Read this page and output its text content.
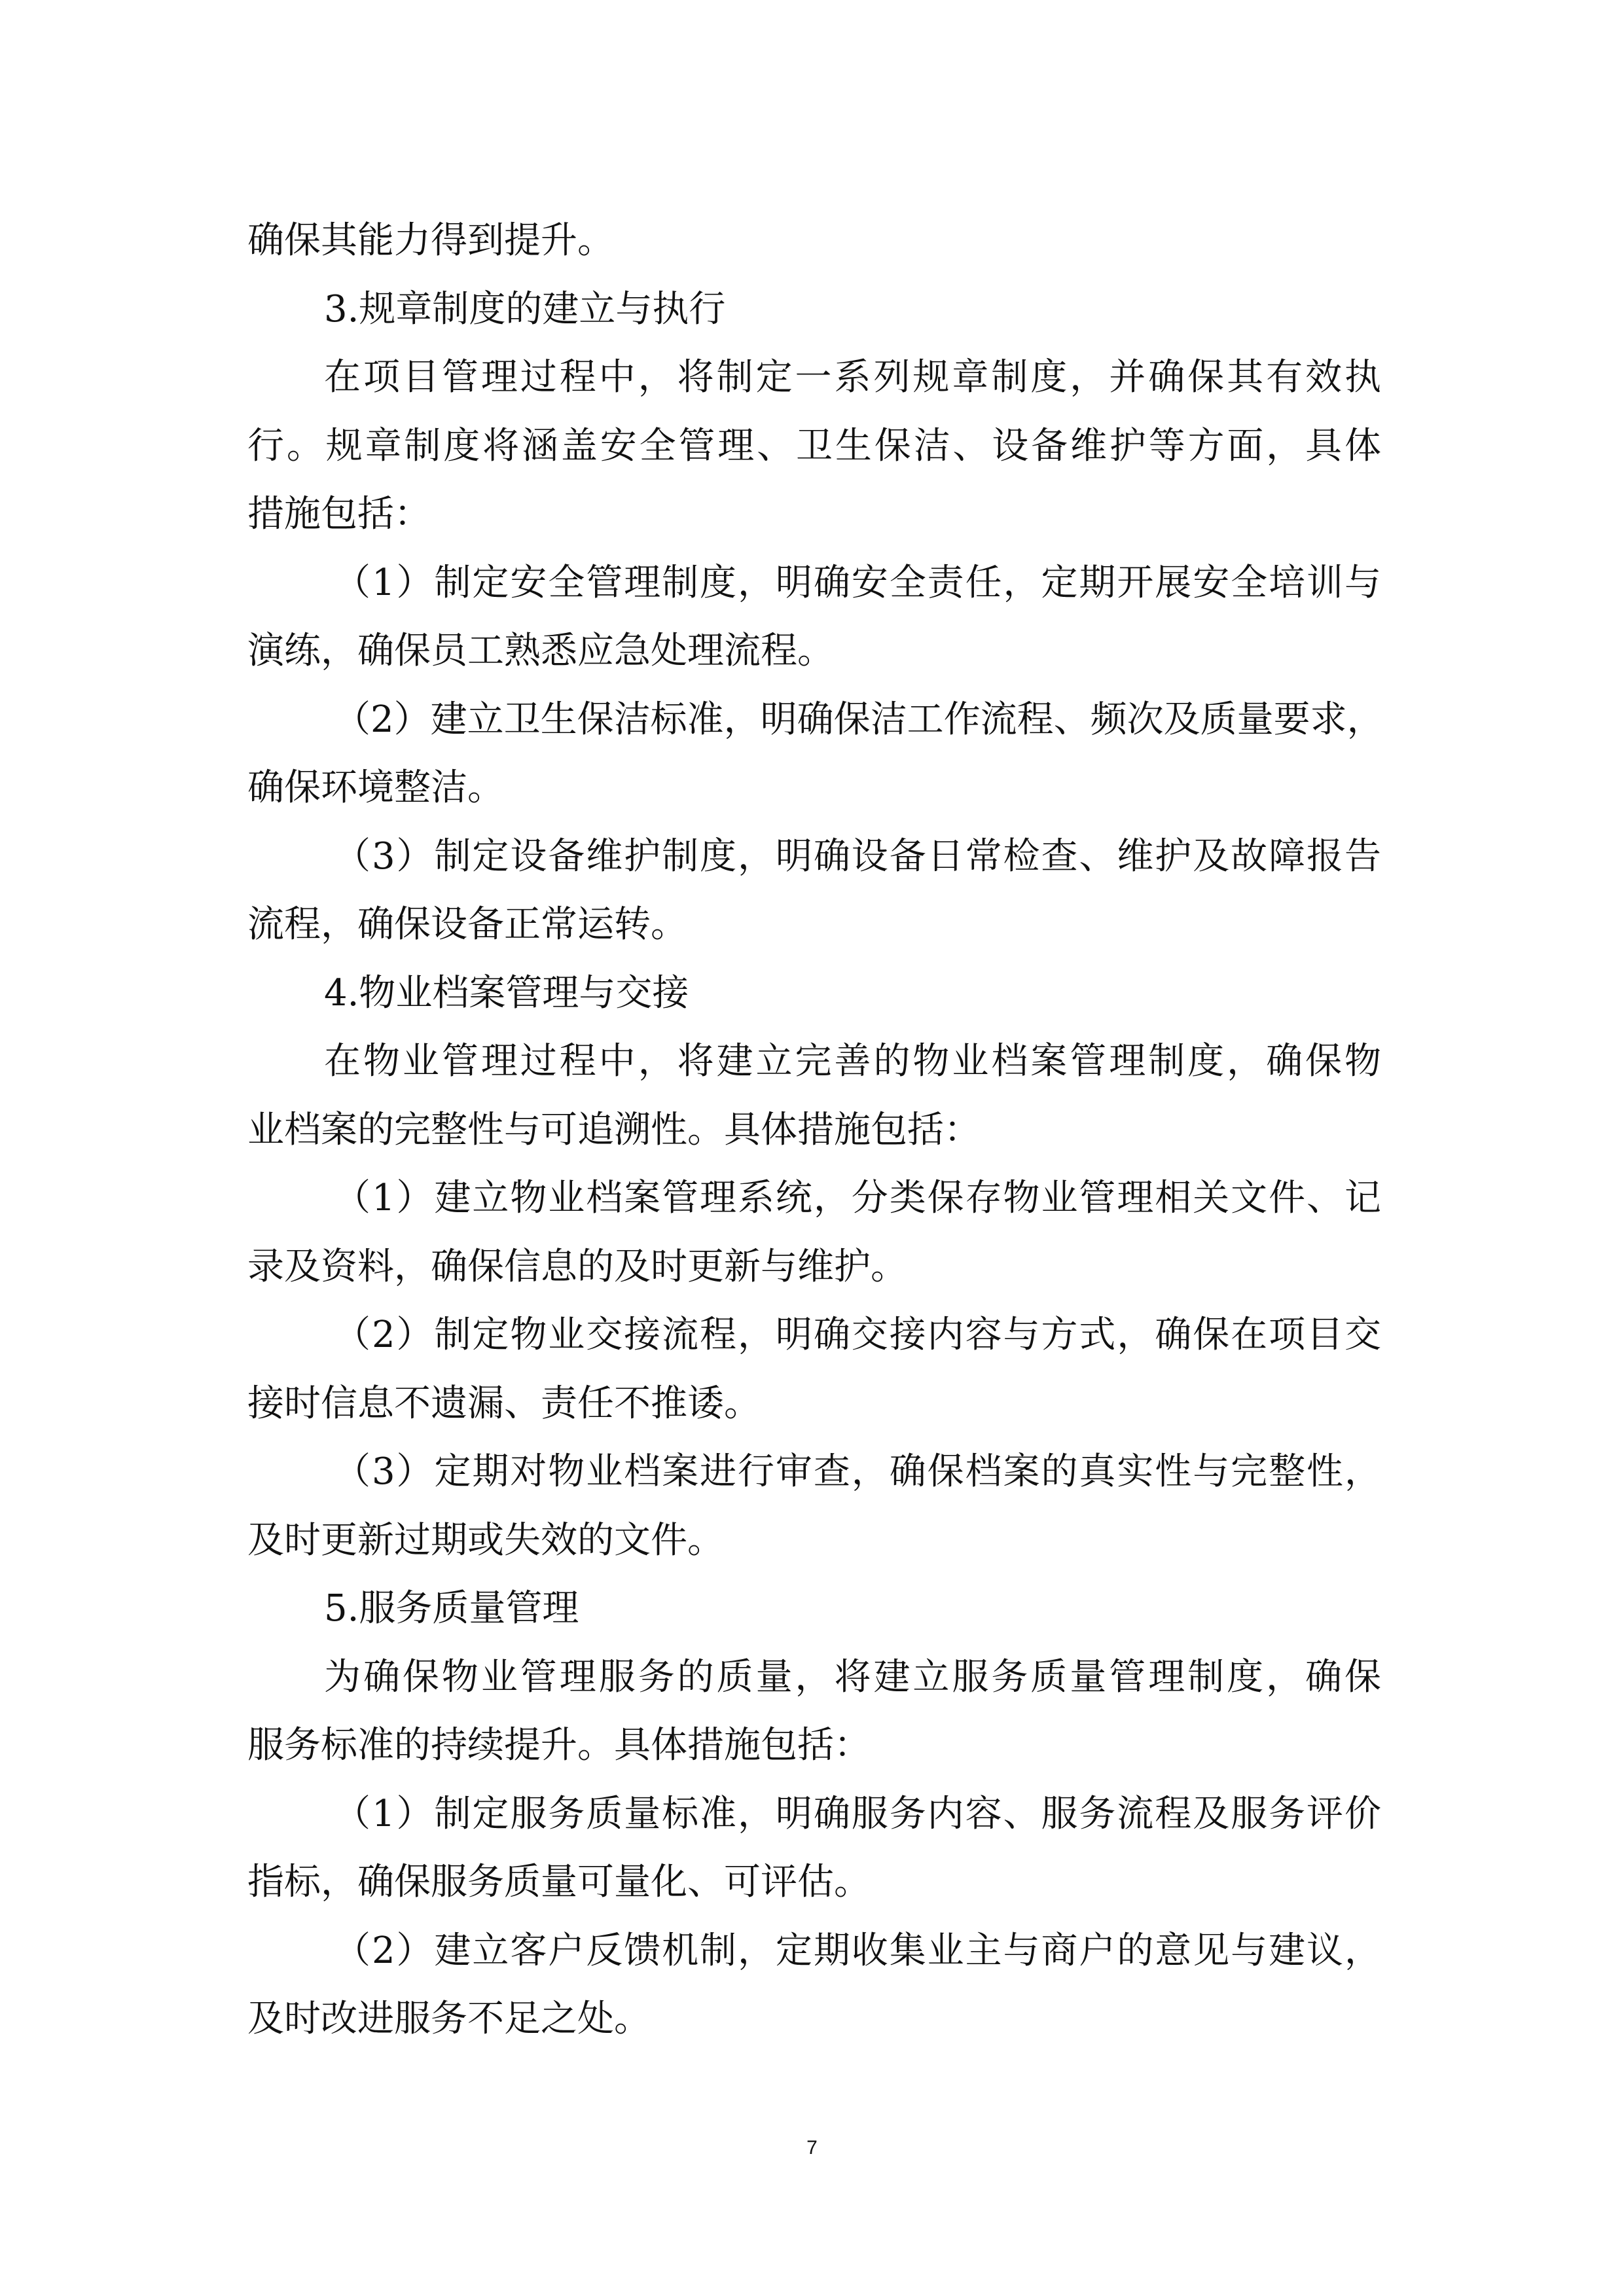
确保其能力得到提升。
3.规章制度的建立与执行
在项目管理过程中，将制定一系列规章制度，并确保其有效执
行。规章制度将涵盖安全管理、卫生保洁、设备维护等方面，具体
措施包括：
（1）制定安全管理制度，明确安全责任，定期开展安全培训与
演练，确保员工熟悉应急处理流程。
（2）建立卫生保洁标准，明确保洁工作流程、频次及质量要求，
确保环境整洁。
（3）制定设备维护制度，明确设备日常检查、维护及故障报告
流程，确保设备正常运转。
4.物业档案管理与交接
在物业管理过程中，将建立完善的物业档案管理制度，确保物
业档案的完整性与可追溯性。具体措施包括：
（1）建立物业档案管理系统，分类保存物业管理相关文件、记
录及资料，确保信息的及时更新与维护。
（2）制定物业交接流程，明确交接内容与方式，确保在项目交
接时信息不遗漏、责任不推诿。
（3）定期对物业档案进行审查，确保档案的真实性与完整性，
及时更新过期或失效的文件。
5.服务质量管理
为确保物业管理服务的质量，将建立服务质量管理制度，确保
服务标准的持续提升。具体措施包括：
（1）制定服务质量标准，明确服务内容、服务流程及服务评价
指标，确保服务质量可量化、可评估。
（2）建立客户反馈机制，定期收集业主与商户的意见与建议，
及时改进服务不足之处。
7
